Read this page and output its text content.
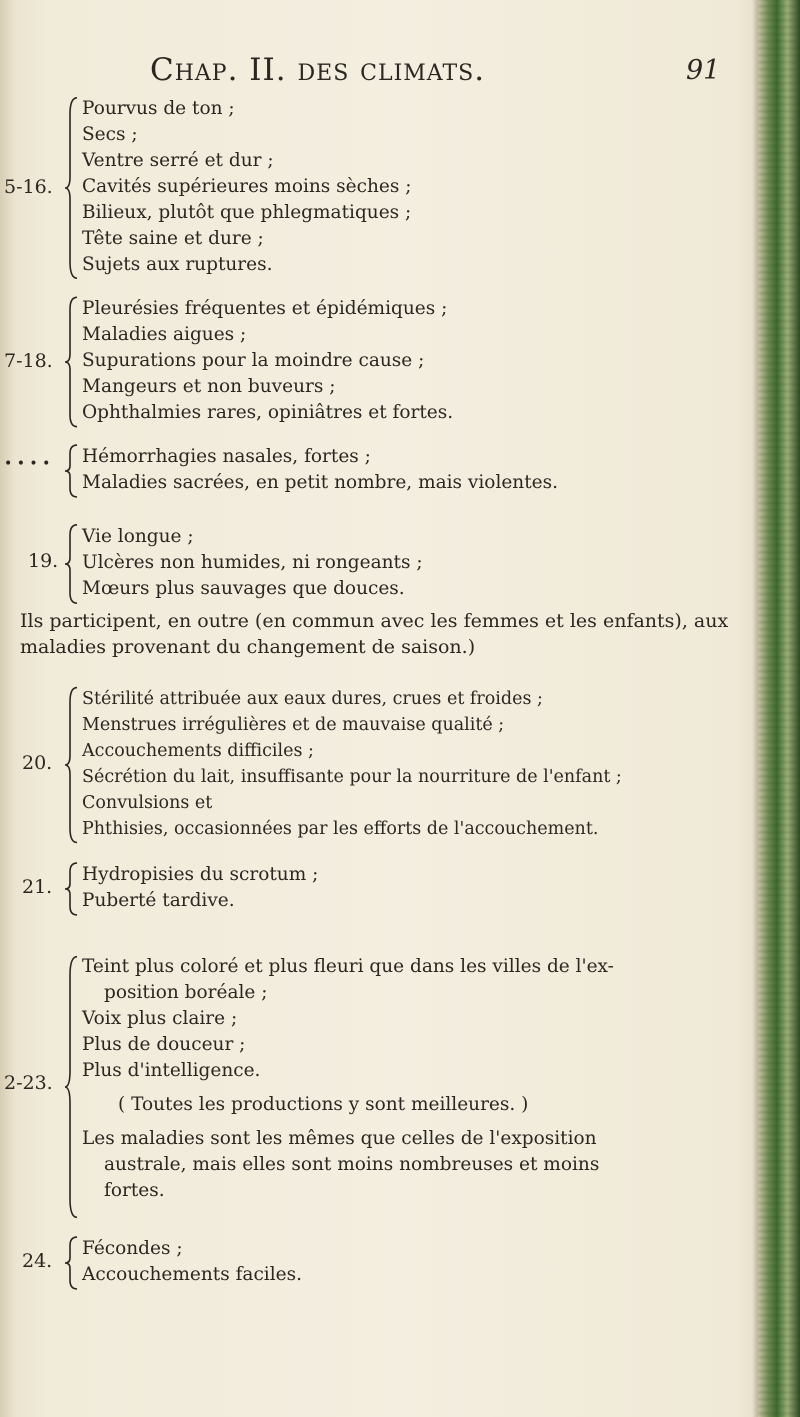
Chap. II. des climats.	91
5-16.
Pourvus de ton ;
Secs ;
Ventre serré et dur ;
Cavités supérieures moins sèches ;
Bilieux, plutôt que phlegmatiques ;
Tête saine et dure ;
Sujets aux ruptures.
7-18.
Pleurésies fréquentes et épidémiques ;
Maladies aigues ;
Supurations pour la moindre cause ;
Mangeurs et non buveurs ;
Ophthalmies rares, opiniâtres et fortes.
• • • • Hémorrhagies nasales, fortes ;
Maladies sacrées, en petit nombre, mais violentes.
19.
Vie longue ;
Ulcères non humides, ni rongeants ;
Mœurs plus sauvages que douces.
Ils participent, en outre (en commun avec les femmes et les enfants), aux maladies provenant du changement de saison.)
20.
Stérilité attribuée aux eaux dures, crues et froides ;
Menstrues irrégulières et de mauvaise qualité ;
Accouchements difficiles ;
Sécrétion du lait, insuffisante pour la nourriture de l'enfant ;
Convulsions et
Phthisies, occasionnées par les efforts de l'accouchement.
21.
Hydropisies du scrotum ;
Puberté tardive.
2-23.
Teint plus coloré et plus fleuri que dans les villes de l'ex-
position boréale ;
Voix plus claire ;
Plus de douceur ;
Plus d'intelligence.
( Toutes les productions y sont meilleures. )
Les maladies sont les mêmes que celles de l'exposition
australe, mais elles sont moins nombreuses et moins
fortes.
24.
Fécondes ;
Accouchements faciles.
